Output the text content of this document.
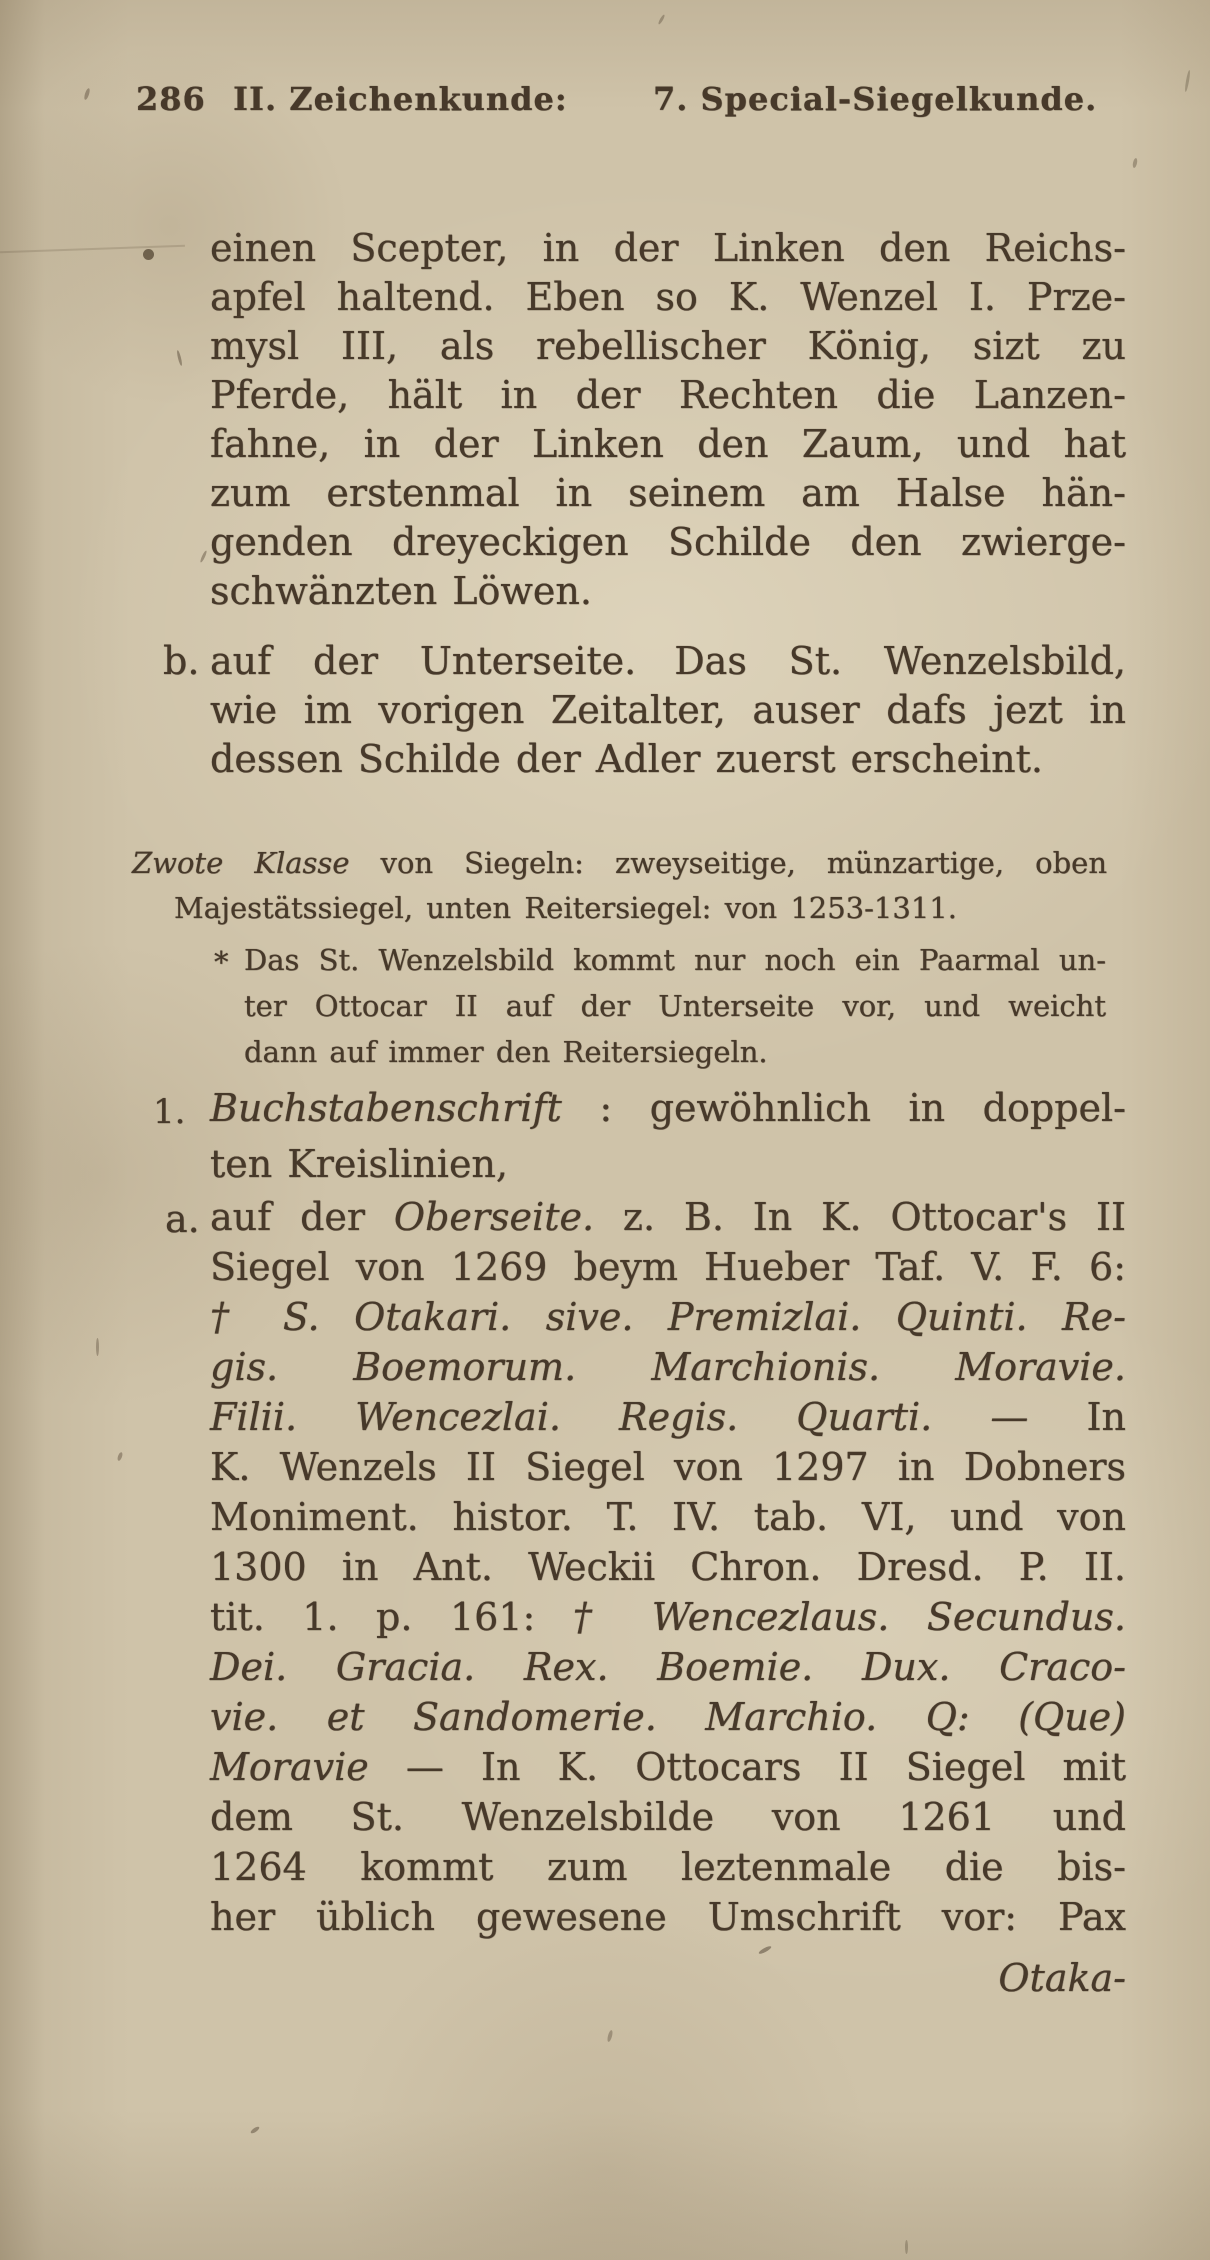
286 II. Zeichenkunde:	7. Special-Siegelkunde.
einen Scepter, in der Linken den Reichs-
apfel haltend. Eben so K. Wenzel I. Prze-
mysl III, als rebellischer König, sizt zu
Pferde, hält in der Rechten die Lanzen-
fahne, in der Linken den Zaum, und hat
zum erstenmal in seinem am Halse hän-
genden dreyeckigen Schilde den zwierge-
schwänzten Löwen.
b. auf der Unterseite. Das St. Wenzelsbild,
wie im vorigen Zeitalter, auser dafs jezt in
dessen Schilde der Adler zuerst erscheint.
Zwote Klasse von Siegeln: zweyseitige, münzartige, oben
Majestätssiegel, unten Reitersiegel: von 1253-1311.
* Das St. Wenzelsbild kommt nur noch ein Paarmal un-
ter Ottocar II auf der Unterseite vor, und weicht
dann auf immer den Reitersiegeln.
1. Buchstabenschrift : gewöhnlich in doppel-
ten Kreislinien,
a. auf der Oberseite. z. B. In K. Ottocar's II
Siegel von 1269 beym Hueber Taf. V. F. 6:
† S. Otakari. sive. Premizlai. Quinti. Re-
gis. Boemorum. Marchionis. Moravie.
Filii. Wencezlai. Regis. Quarti. — In
K. Wenzels II Siegel von 1297 in Dobners
Moniment. histor. T. IV. tab. VI, und von
1300 in Ant. Weckii Chron. Dresd. P. II.
tit. 1. p. 161: † Wencezlaus. Secundus.
Dei. Gracia. Rex. Boemie. Dux. Craco-
vie. et Sandomerie. Marchio. Q: (Que)
Moravie — In K. Ottocars II Siegel mit
dem St. Wenzelsbilde von 1261 und
1264 kommt zum leztenmale die bis-
her üblich gewesene Umschrift vor: Pax
Otaka-
